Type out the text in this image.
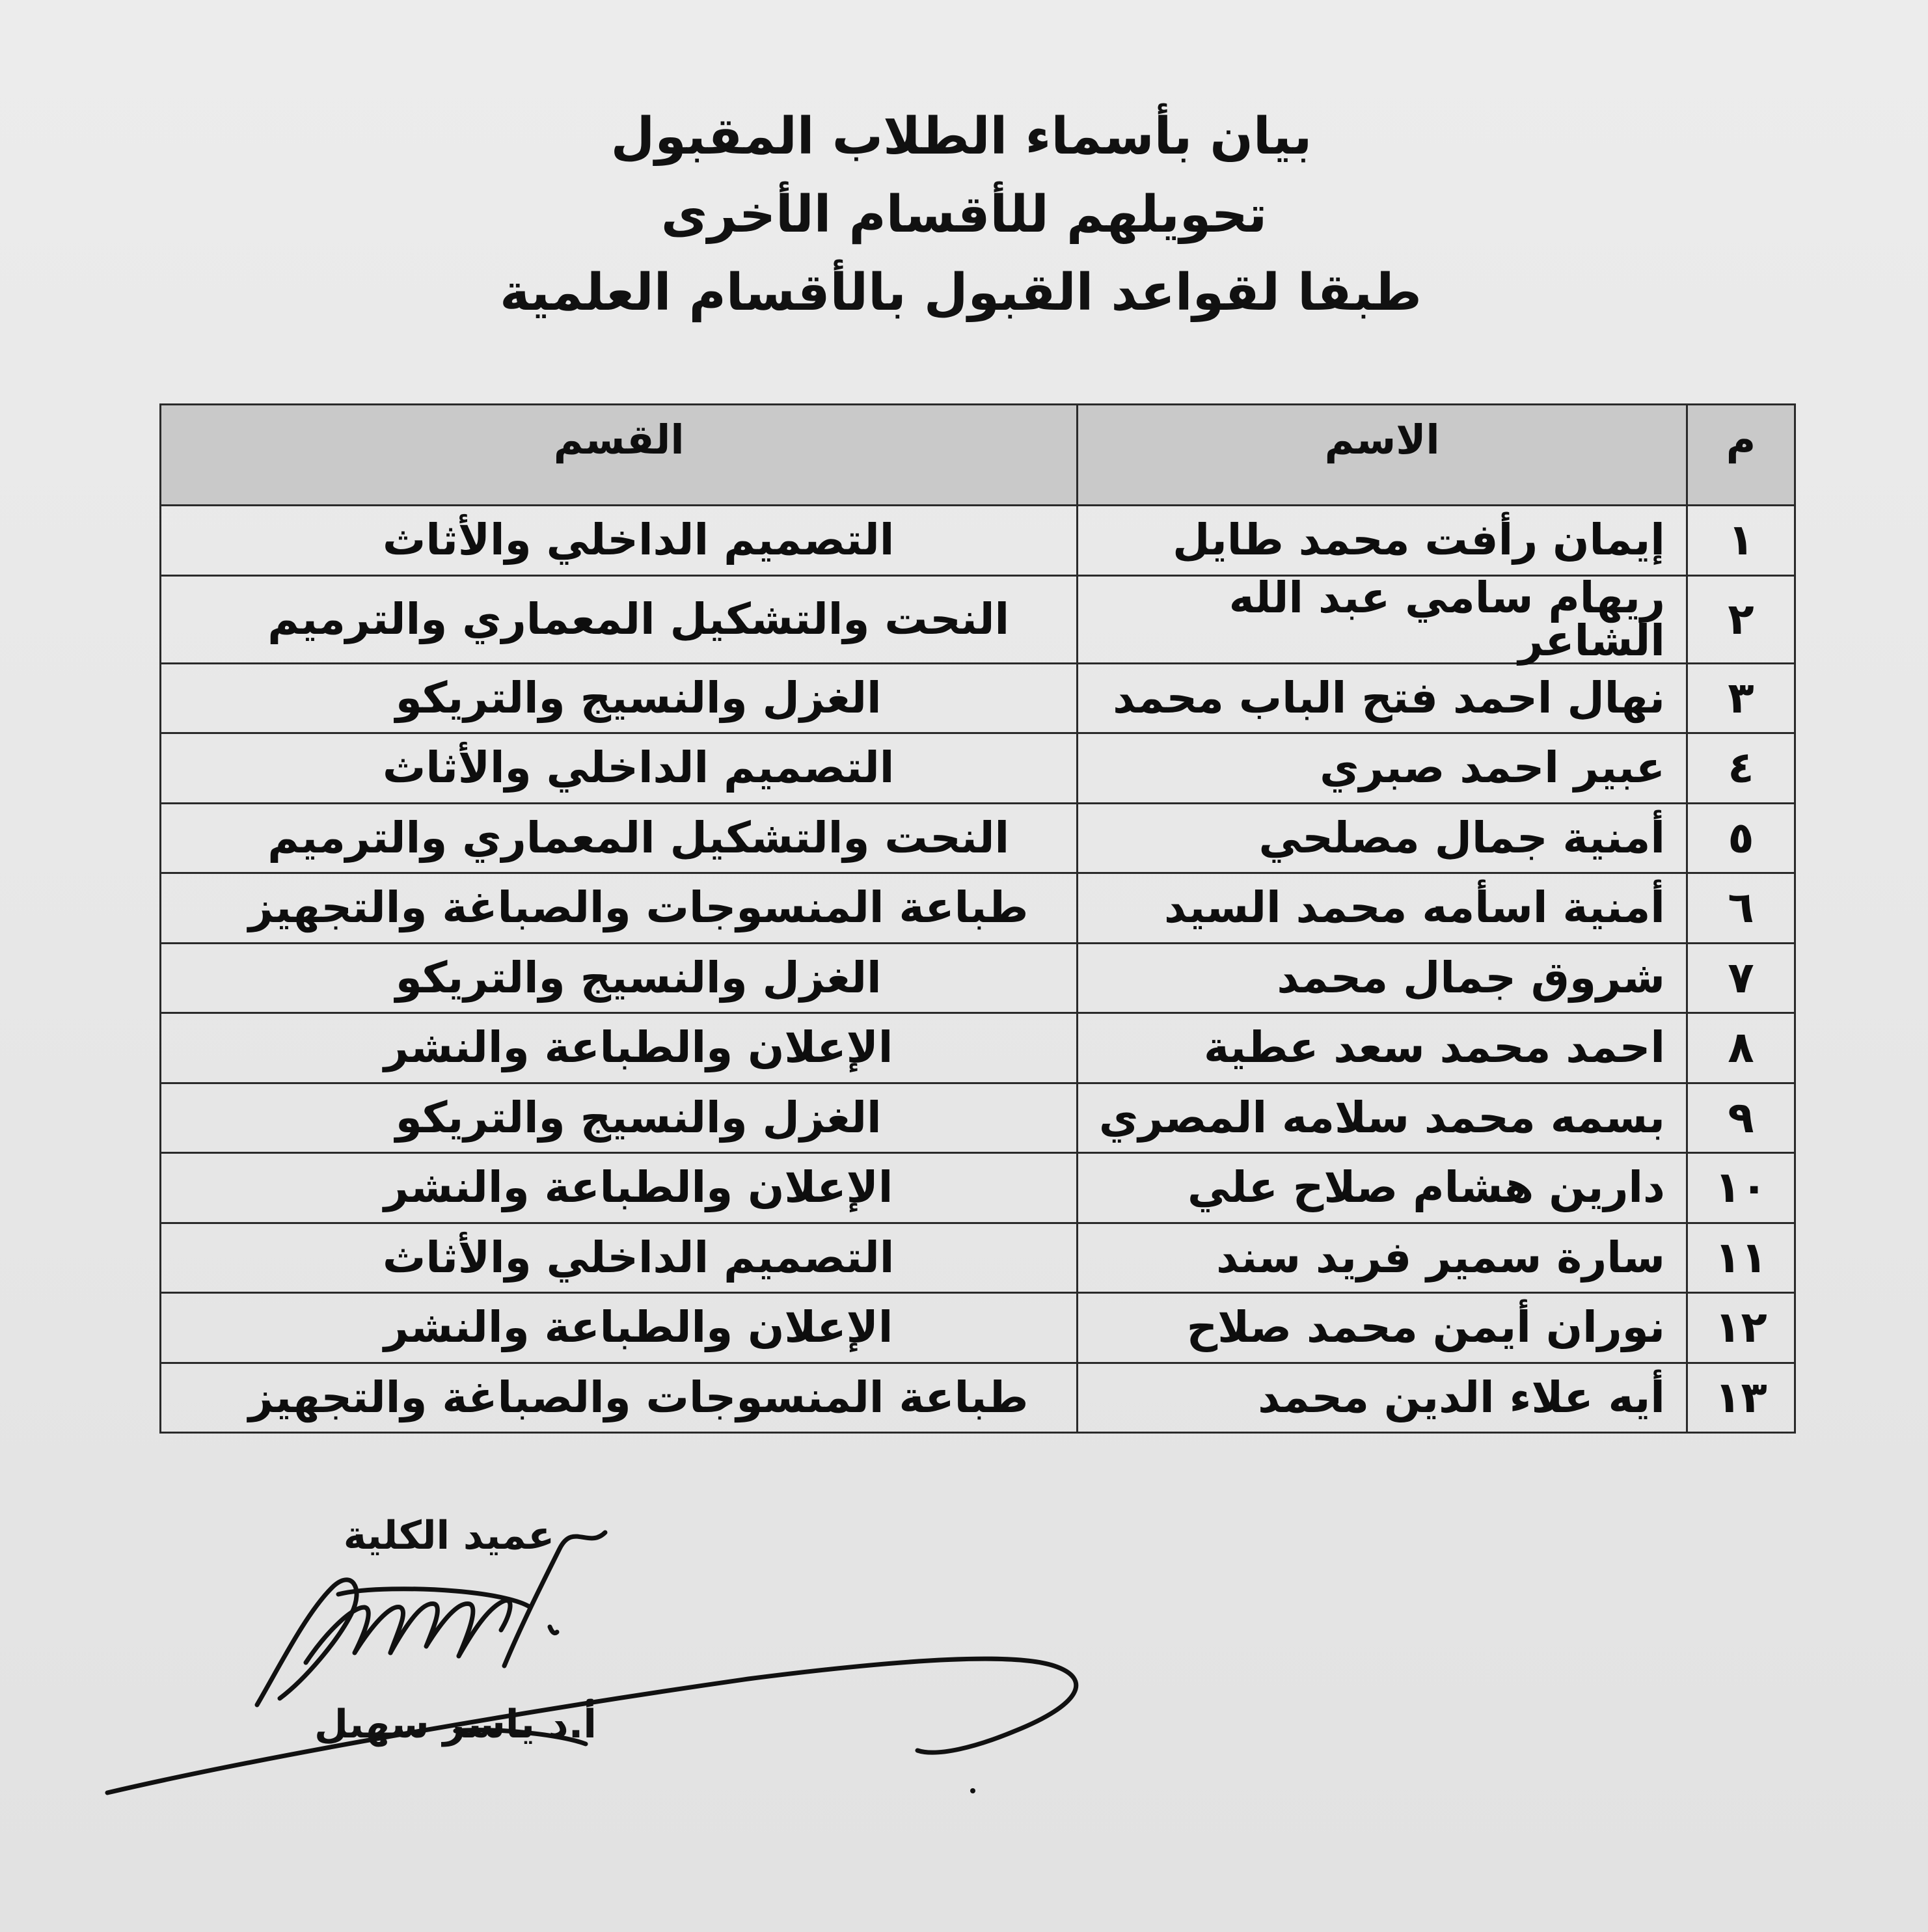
بيان بأسماء الطلاب المقبول
تحويلهم للأقسام الأخرى
طبقا لقواعد القبول بالأقسام العلمية
م	الاسم	القسم
١	إيمان رأفت محمد طايل	التصميم الداخلي والأثاث
٢	ريهام سامي عبد الله الشاعر	النحت والتشكيل المعماري والترميم
٣	نهال احمد فتح الباب محمد	الغزل والنسيج والتريكو
٤	عبير احمد صبري	التصميم الداخلي والأثاث
٥	أمنية جمال مصلحي	النحت والتشكيل المعماري والترميم
٦	أمنية اسأمه محمد السيد	طباعة المنسوجات والصباغة والتجهيز
٧	شروق جمال محمد	الغزل والنسيج والتريكو
٨	احمد محمد سعد عطية	الإعلان والطباعة والنشر
٩	بسمه محمد سلامه المصري	الغزل والنسيج والتريكو
١٠	دارين هشام صلاح علي	الإعلان والطباعة والنشر
١١	سارة سمير فريد سند	التصميم الداخلي والأثاث
١٢	نوران أيمن محمد صلاح	الإعلان والطباعة والنشر
١٣	أيه علاء الدين محمد	طباعة المنسوجات والصباغة والتجهيز
عميد الكلية
أ.د ياسر سهيل
